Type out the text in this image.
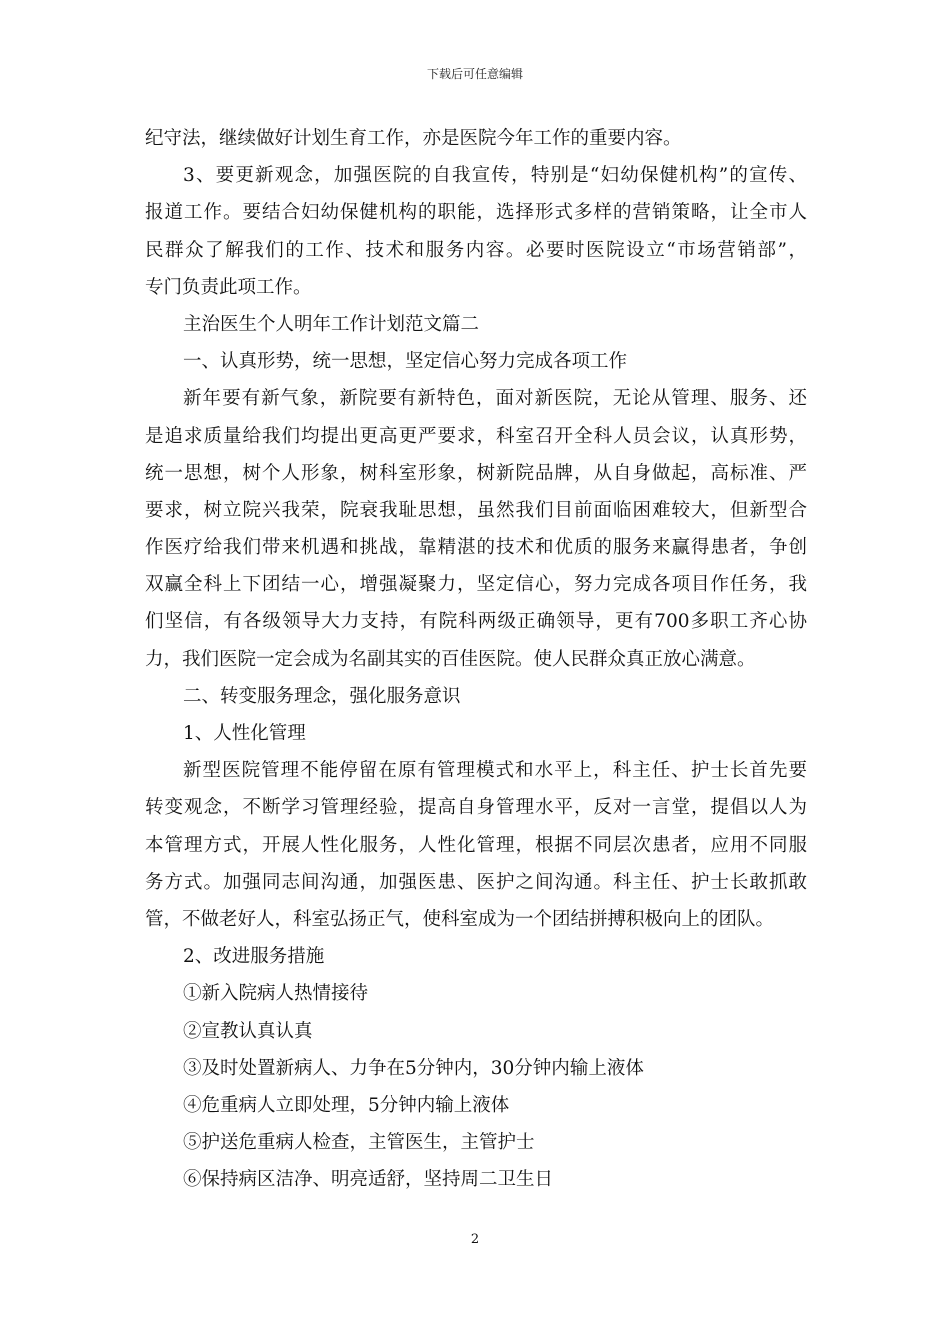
下载后可任意编辑
纪守法，继续做好计划生育工作，亦是医院今年工作的重要内容。
3、要更新观念，加强医院的自我宣传，特别是“妇幼保健机构”的宣传、
报道工作。要结合妇幼保健机构的职能，选择形式多样的营销策略，让全市人
民群众了解我们的工作、技术和服务内容。必要时医院设立“市场营销部”，
专门负责此项工作。
主治医生个人明年工作计划范文篇二
一、认真形势，统一思想，坚定信心努力完成各项工作
新年要有新气象，新院要有新特色，面对新医院，无论从管理、服务、还
是追求质量给我们均提出更高更严要求，科室召开全科人员会议，认真形势，
统一思想，树个人形象，树科室形象，树新院品牌，从自身做起，高标准、严
要求，树立院兴我荣，院衰我耻思想，虽然我们目前面临困难较大，但新型合
作医疗给我们带来机遇和挑战，靠精湛的技术和优质的服务来赢得患者，争创
双赢全科上下团结一心，增强凝聚力，坚定信心，努力完成各项目作任务，我
们坚信，有各级领导大力支持，有院科两级正确领导，更有700多职工齐心协
力，我们医院一定会成为名副其实的百佳医院。使人民群众真正放心满意。
二、转变服务理念，强化服务意识
1、人性化管理
新型医院管理不能停留在原有管理模式和水平上，科主任、护士长首先要
转变观念，不断学习管理经验，提高自身管理水平，反对一言堂，提倡以人为
本管理方式，开展人性化服务，人性化管理，根据不同层次患者，应用不同服
务方式。加强同志间沟通，加强医患、医护之间沟通。科主任、护士长敢抓敢
管，不做老好人，科室弘扬正气，使科室成为一个团结拼搏积极向上的团队。
2、改进服务措施
①新入院病人热情接待
②宣教认真认真
③及时处置新病人、力争在5分钟内，30分钟内输上液体
④危重病人立即处理，5分钟内输上液体
⑤护送危重病人检查，主管医生，主管护士
⑥保持病区洁净、明亮适舒，坚持周二卫生日
2
